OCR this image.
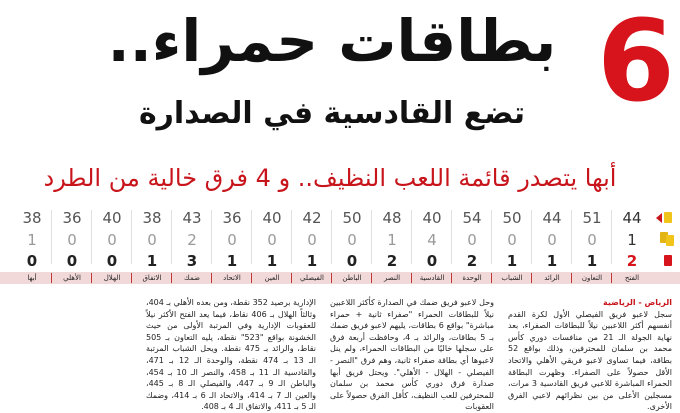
6
بطاقات حمراء..
تضع القادسية في الصدارة
أبها يتصدر قائمة اللعب النظيف.. و 4 فرق خالية من الطرد
38	36	40	38	43	36	40	42	50	48	40	54	50	44	51	44
1	0	0	0	2	0	0	0	0	1	4	0	0	0	0	1
0	0	0	1	3	1	1	1	0	2	0	2	1	1	1	2
أبها	الأهلي	الهلال	الاتفاق	ضمك	الاتحاد	العين	الفيصلي	الباطن	النصر	القادسية	الوحدة	الشباب	الرائد	التعاون	الفتح
الرياض - الرياضية
سجل لاعبو فريق الفيصلي الأول لكرة القدم أنفسهم أكثر اللاعبين نيلاً للبطاقات الصفراء، بعد نهاية الجولة الـ 21 من منافسات دوري كأس محمد بن سلمان للمحترفين، وذلك بواقع 52 بطاقة، فيما تساوى لاعبو فريقي الأهلي والاتحاد الأقل حصولاً على الصفراء. وظهرت البطاقة الحمراء المباشرة للاعبي فريق القادسية 3 مرات، مسجلين الأعلى من بين نظرائهم لاعبي الفرق الأخرى.
وحل لاعبو فريق ضمك في الصدارة كأكثر اللاعبين نيلاً للبطاقات الحمراء "صفراء ثانية + حمراء مباشرة" بواقع 6 بطاقات، يليهم لاعبو فريق ضمك بـ 5 بطاقات، والرائد بـ 4، وحافظت أربعة فرق على سجلها خاليًا من البطاقات الحمراء، ولم ينل لاعبوها أي بطاقة صفراء ثانية، وهم فرق "النصر - الفيصلي - الهلال - الأهلي". ويحتل فريق أبها صدارة فرق دوري كأس محمد بن سلمان للمحترفين للعب النظيف، كأقل الفرق حصولاً على العقوبات
الإدارية برصيد 352 نقطة، ومن بعده الأهلي بـ 404، وثالثاً الهلال بـ 406 نقاط، فيما يعد الفتح الأكثر نيلاً للعقوبات الإدارية وفي المرتبة الأولى من حيث الخشونة بواقع "523" نقطة، يليه التعاون بـ 505 نقاط، والرائد بـ 475 نقطة. ويحل الشباب المرتبة الـ 13 بـ 474 نقطة، والوحدة الـ 12 بـ 471، والقادسية الـ 11 بـ 458، والنصر الـ 10 بـ 454، والباطن الـ 9 بـ 447، والفيصلي الـ 8 بـ 445، والعين الـ 7 بـ 414، والاتحاد الـ 6 بـ 414، وضمك الـ 5 بـ 411، والاتفاق الـ 4 بـ 408.
